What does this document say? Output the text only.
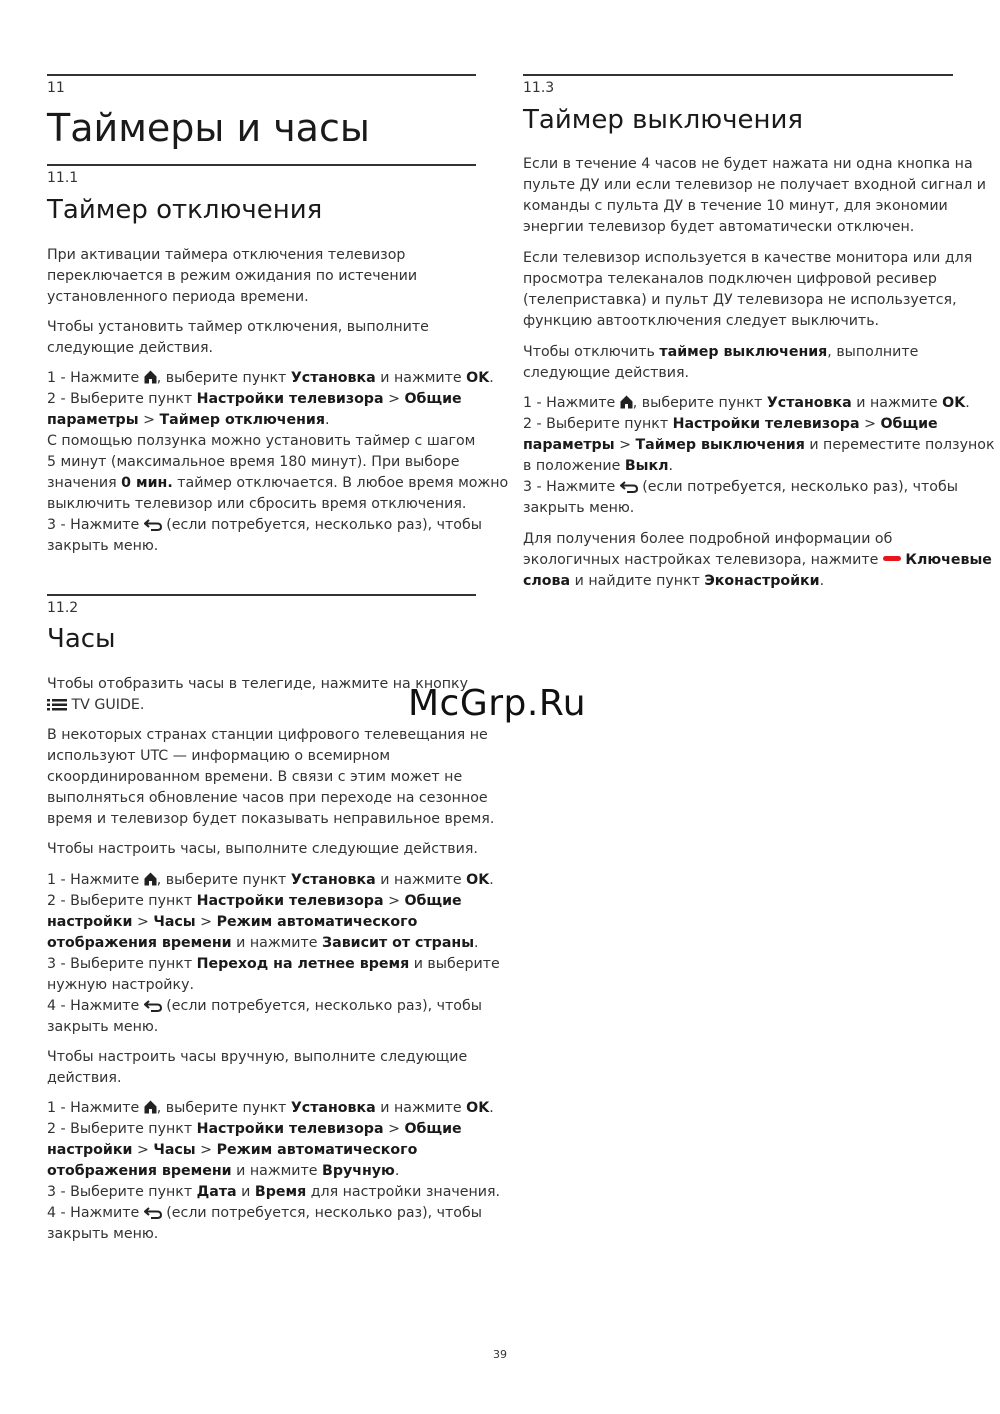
11
Таймеры и часы
11.1
Таймер отключения
При активации таймера отключения телевизор
переключается в режим ожидания по истечении
установленного периода времени.
Чтобы установить таймер отключения, выполните
следующие действия.
1 - Нажмите , выберите пункт Установка и нажмите OK.
2 - Выберите пункт Настройки телевизора > Общие
параметры > Таймер отключения.
С помощью ползунка можно установить таймер с шагом
5 минут (максимальное время 180 минут). При выборе
значения 0 мин. таймер отключается. В любое время можно
выключить телевизор или сбросить время отключения.
3 - Нажмите (если потребуется, несколько раз), чтобы
закрыть меню.
11.2
Часы
Чтобы отобразить часы в телегиде, нажмите на кнопку
TV GUIDE.
В некоторых странах станции цифрового телевещания не
используют UTC — информацию о всемирном
скоординированном времени. В связи с этим может не
выполняться обновление часов при переходе на сезонное
время и телевизор будет показывать неправильное время.
Чтобы настроить часы, выполните следующие действия.
1 - Нажмите , выберите пункт Установка и нажмите OK.
2 - Выберите пункт Настройки телевизора > Общие
настройки > Часы > Режим автоматического
отображения времени и нажмите Зависит от страны.
3 - Выберите пункт Переход на летнее время и выберите
нужную настройку.
4 - Нажмите (если потребуется, несколько раз), чтобы
закрыть меню.
Чтобы настроить часы вручную, выполните следующие
действия.
1 - Нажмите , выберите пункт Установка и нажмите OK.
2 - Выберите пункт Настройки телевизора > Общие
настройки > Часы > Режим автоматического
отображения времени и нажмите Вручную.
3 - Выберите пункт Дата и Время для настройки значения.
4 - Нажмите (если потребуется, несколько раз), чтобы
закрыть меню.
11.3
Таймер выключения
Если в течение 4 часов не будет нажата ни одна кнопка на
пульте ДУ или если телевизор не получает входной сигнал и
команды с пульта ДУ в течение 10 минут, для экономии
энергии телевизор будет автоматически отключен.
Если телевизор используется в качестве монитора или для
просмотра телеканалов подключен цифровой ресивер
(телеприставка) и пульт ДУ телевизора не используется,
функцию автоотключения следует выключить.
Чтобы отключить таймер выключения, выполните
следующие действия.
1 - Нажмите , выберите пункт Установка и нажмите OK.
2 - Выберите пункт Настройки телевизора > Общие
параметры > Таймер выключения и переместите ползунок
в положение Выкл.
3 - Нажмите (если потребуется, несколько раз), чтобы
закрыть меню.
Для получения более подробной информации об
экологичных настройках телевизора, нажмите Ключевые
слова и найдите пункт Эконастройки.
McGrp.Ru
39
